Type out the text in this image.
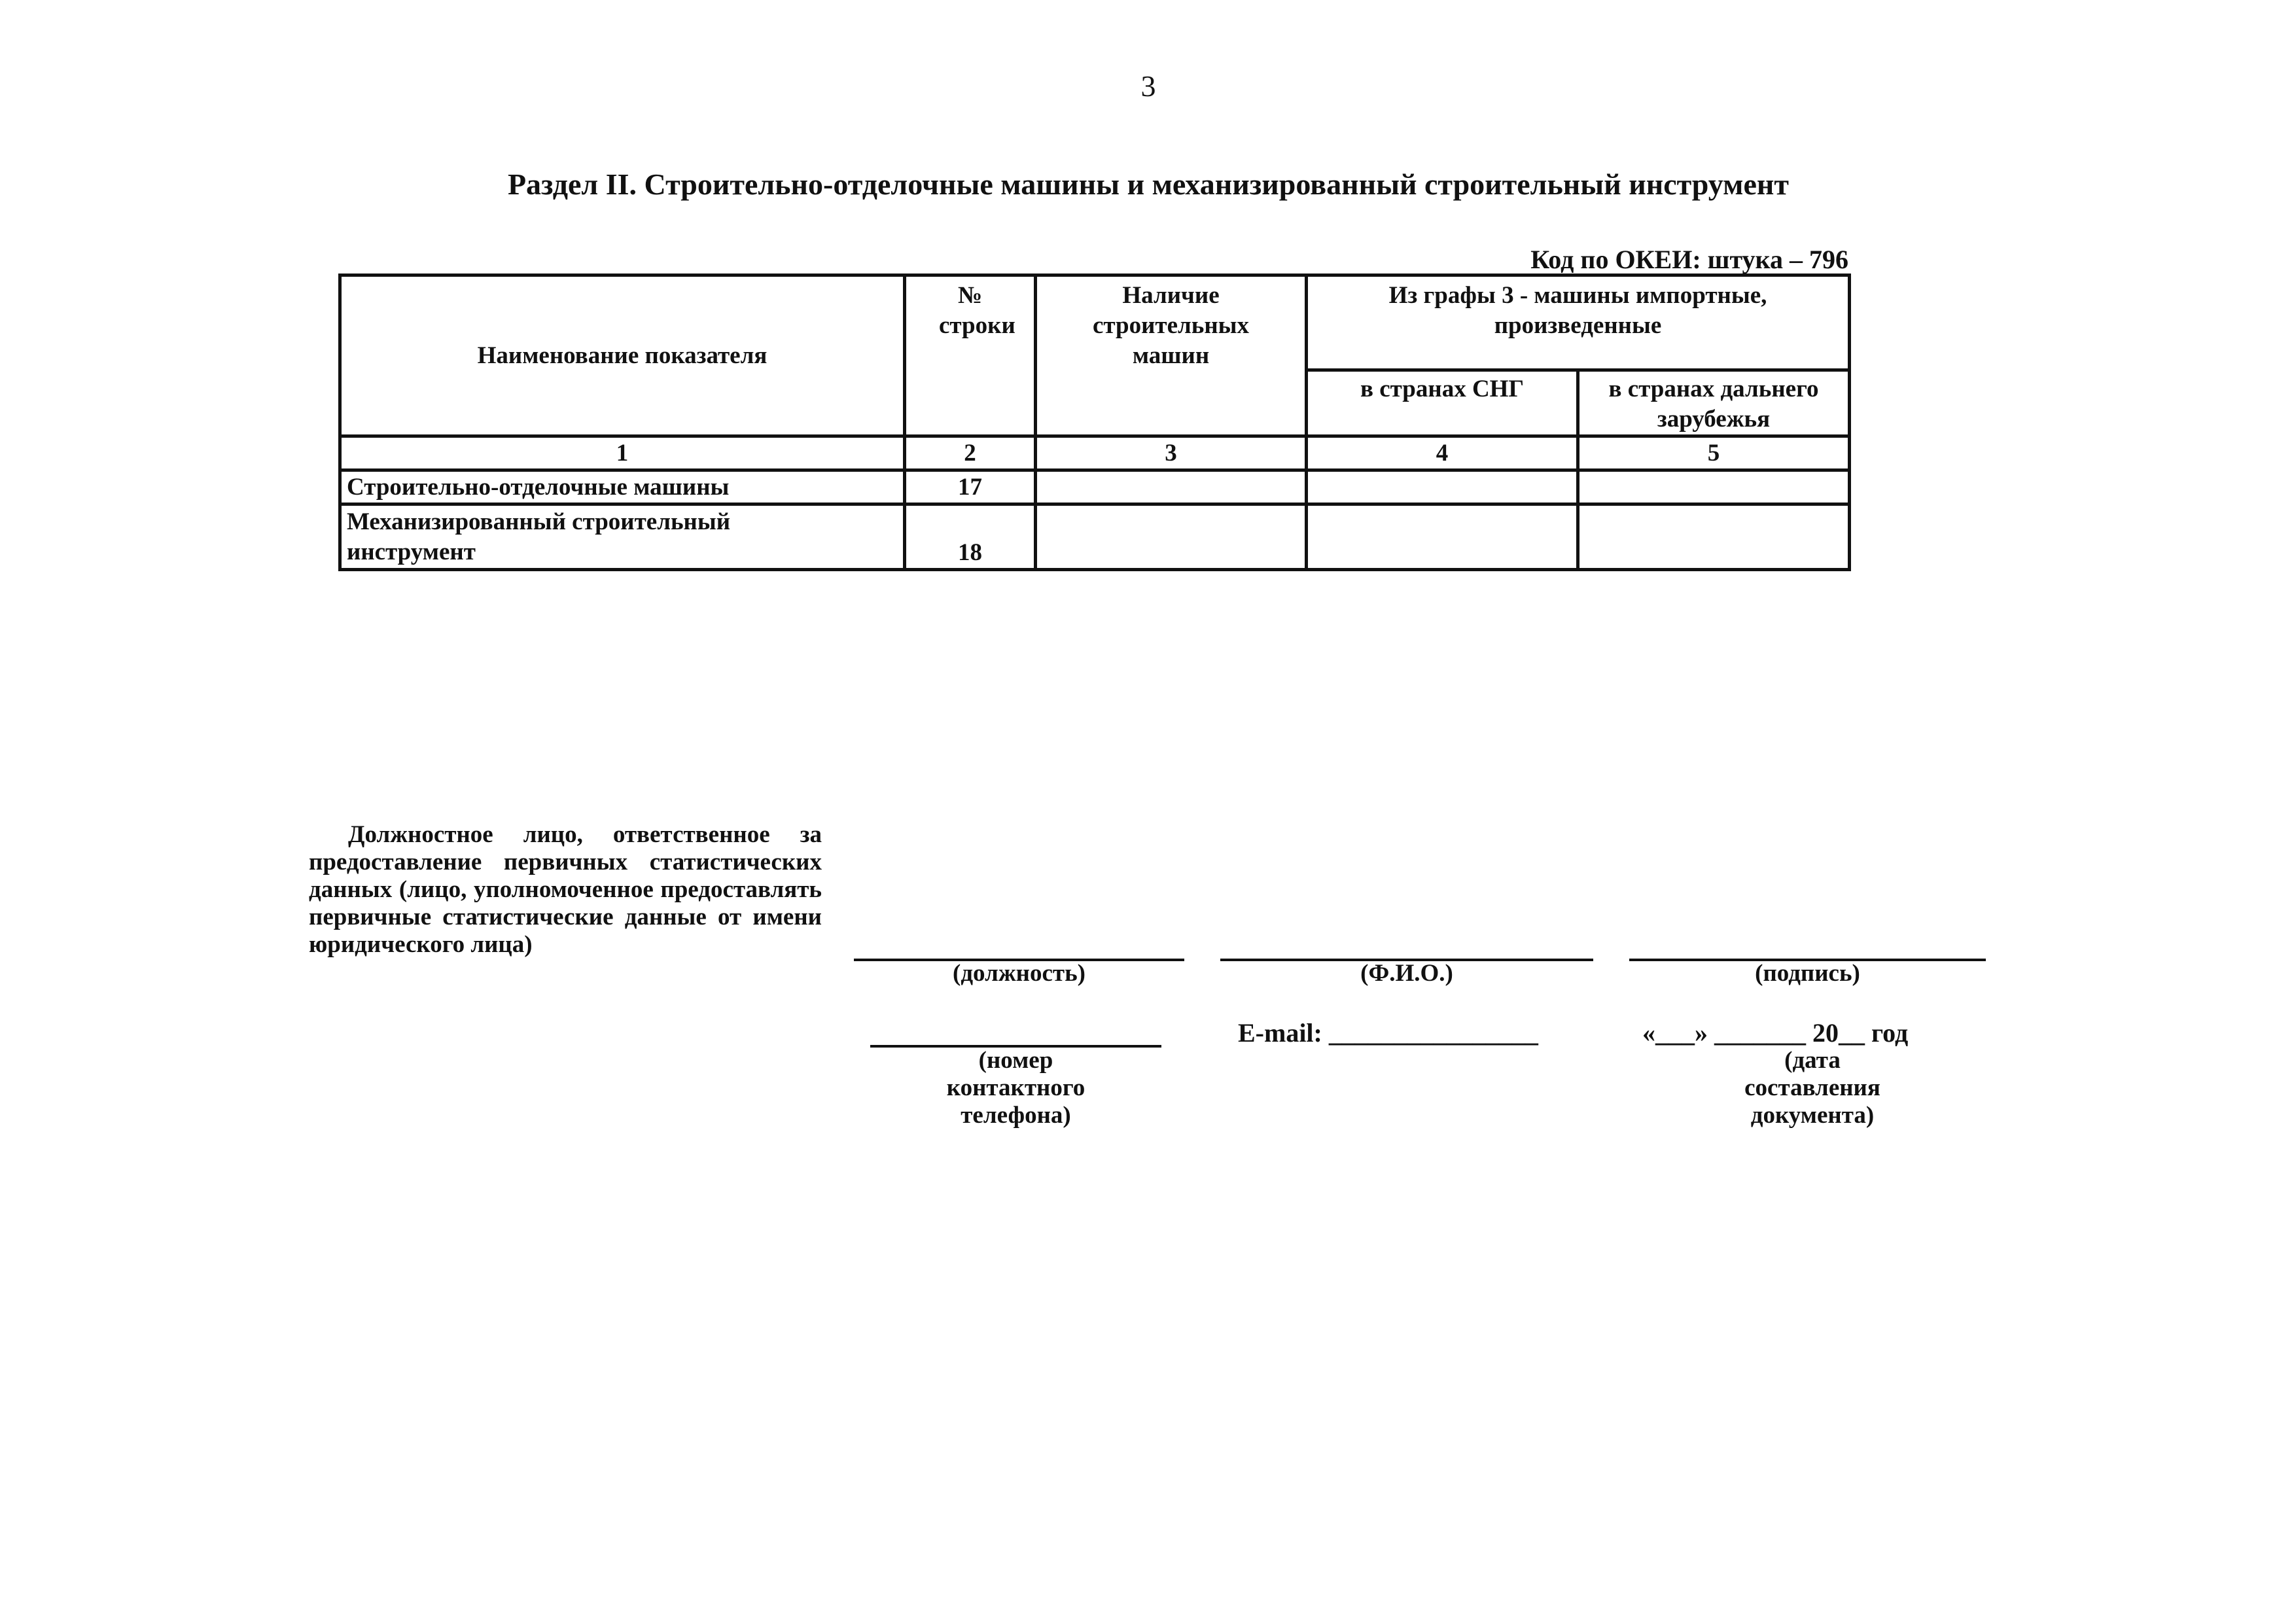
3
Раздел II. Строительно-отделочные машины и механизированный строительный инструмент
Код по ОКЕИ: штука – 796
Наименование показателя	№ строки	Наличие строительных машин	Из графы 3 - машины импортные, произведенные	
			в странах СНГ	в странах дальнего зарубежья
1	2	3	4	5
Строительно-отделочные машины	17			
Механизированный строительный инструмент	18			
Должностное лицо, ответственное за предоставление первичных статистических данных (лицо, уполномоченное предоставлять первичные статистические данные от имени юридического лица)
(должность)	(Ф.И.О.)	(подпись)
(номер контактного телефона)
E-mail: ________________	«___» _______ 20__ год
(дата составления документа)
